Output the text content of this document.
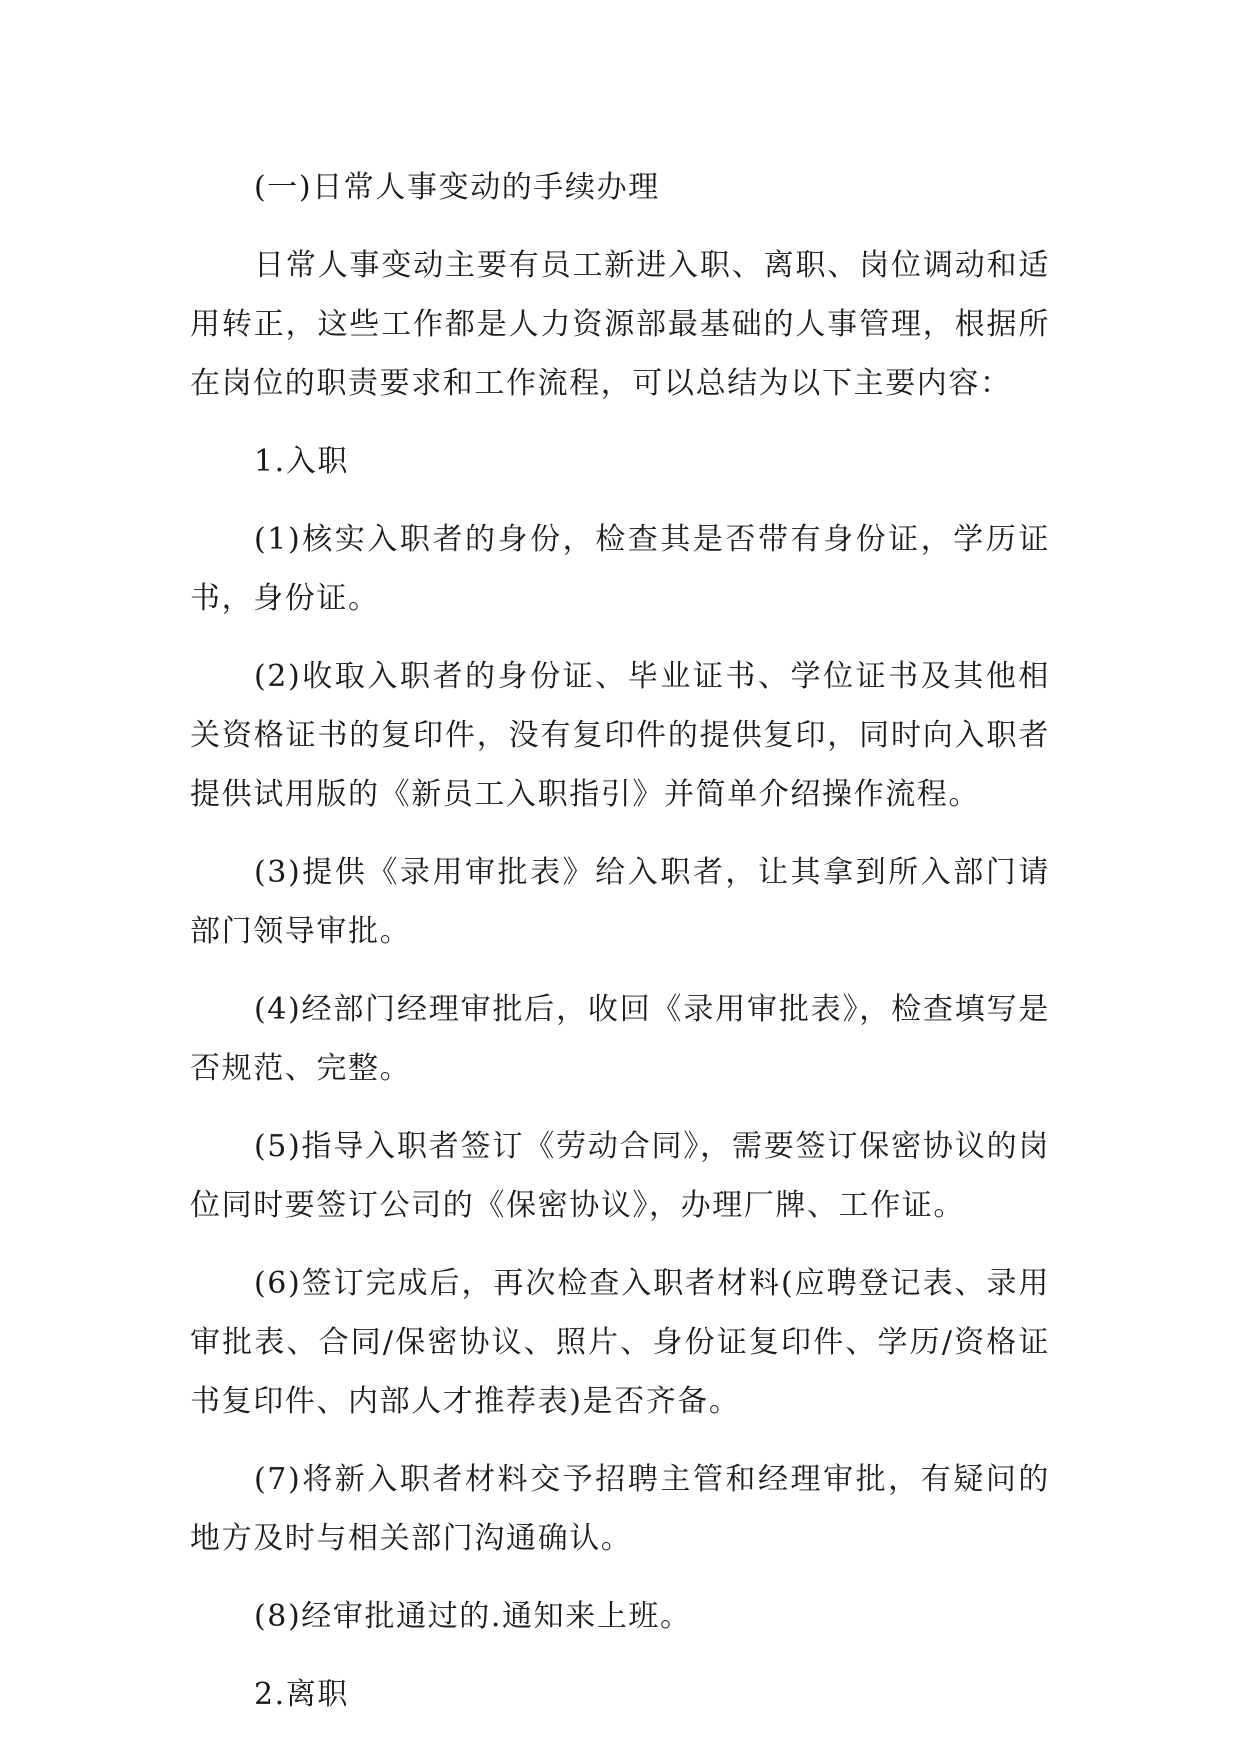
(一)日常人事变动的手续办理

日常人事变动主要有员工新进入职、离职、岗位调动和适用转正，这些工作都是人力资源部最基础的人事管理，根据所在岗位的职责要求和工作流程，可以总结为以下主要内容：

1.入职

(1)核实入职者的身份，检查其是否带有身份证，学历证书，身份证。

(2)收取入职者的身份证、毕业证书、学位证书及其他相关资格证书的复印件，没有复印件的提供复印，同时向入职者提供试用版的《新员工入职指引》并简单介绍操作流程。

(3)提供《录用审批表》给入职者，让其拿到所入部门请部门领导审批。

(4)经部门经理审批后，收回《录用审批表》，检查填写是否规范、完整。

(5)指导入职者签订《劳动合同》，需要签订保密协议的岗位同时要签订公司的《保密协议》，办理厂牌、工作证。

(6)签订完成后，再次检查入职者材料(应聘登记表、录用审批表、合同/保密协议、照片、身份证复印件、学历/资格证书复印件、内部人才推荐表)是否齐备。

(7)将新入职者材料交予招聘主管和经理审批，有疑问的地方及时与相关部门沟通确认。

(8)经审批通过的.通知来上班。

2.离职
